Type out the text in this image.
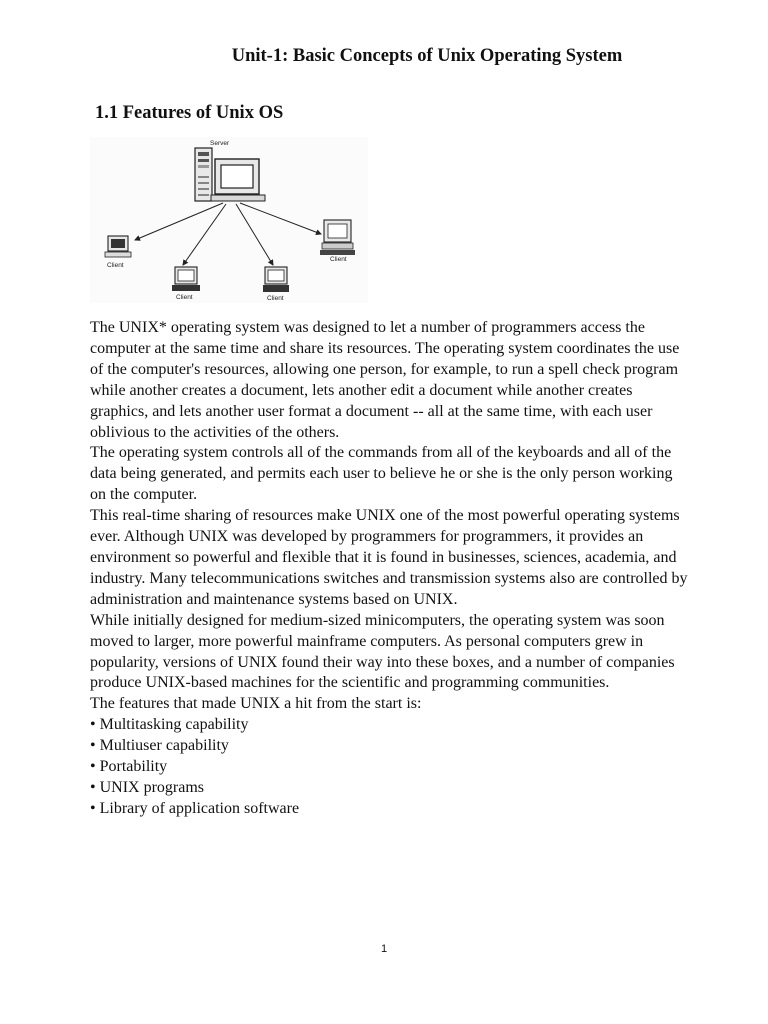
Unit-1: Basic Concepts of Unix Operating System
1.1 Features of Unix OS
Server
Client
Client	Client
Client

The UNIX* operating system was designed to let a number of programmers access the computer at the same time and share its resources. The operating system coordinates the use of the computer's resources, allowing one person, for example, to run a spell check program while another creates a document, lets another edit a document while another creates graphics, and lets another user format a document -- all at the same time, with each user oblivious to the activities of the others.

The operating system controls all of the commands from all of the keyboards and all of the data being generated, and permits each user to believe he or she is the only person working on the computer.

This real-time sharing of resources make UNIX one of the most powerful operating systems ever. Although UNIX was developed by programmers for programmers, it provides an environment so powerful and flexible that it is found in businesses, sciences, academia, and industry. Many telecommunications switches and transmission systems also are controlled by administration and maintenance systems based on UNIX.

While initially designed for medium-sized minicomputers, the operating system was soon moved to larger, more powerful mainframe computers. As personal computers grew in popularity, versions of UNIX found their way into these boxes, and a number of companies produce UNIX-based machines for the scientific and programming communities.

The features that made UNIX a hit from the start is:

• Multitasking capability
• Multiuser capability
• Portability
• UNIX programs
• Library of application software
1
